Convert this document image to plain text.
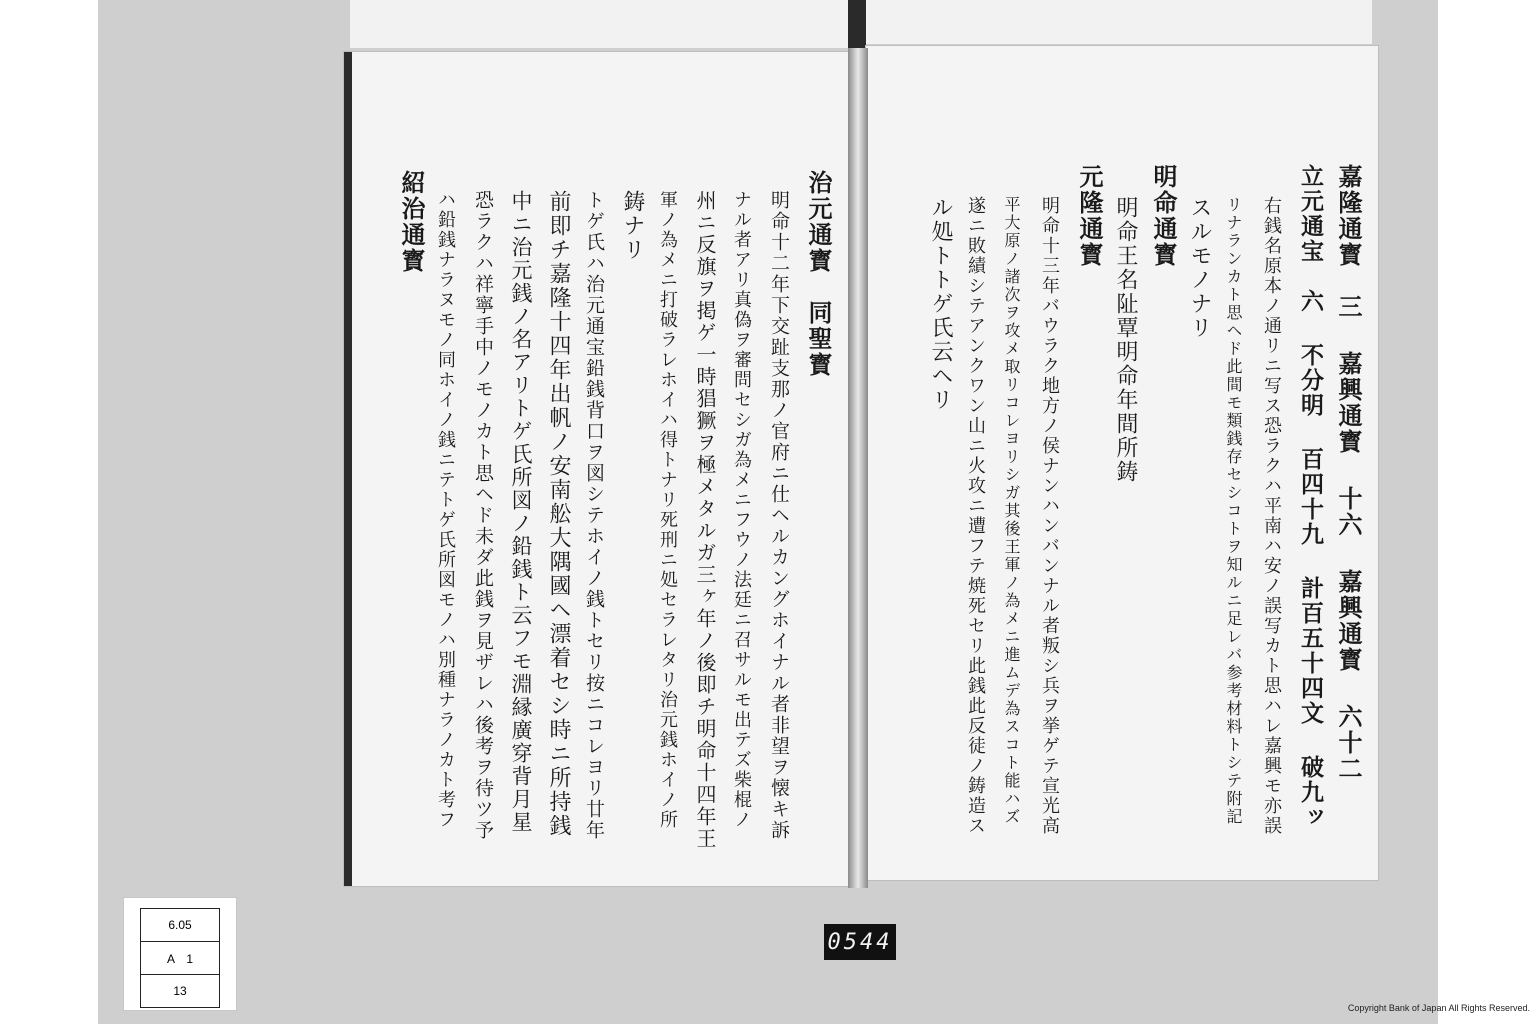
治元通寳　同聖寳
明命十二年下交趾支那ノ官府ニ仕ヘルカングホイナル者非望ヲ懐キ訴
ナル者アリ真偽ヲ審問セシガ為メニフウノ法廷ニ召サルモ出テズ柴棍ノ
州ニ反旗ヲ掲ゲ一時猖獗ヲ極メタルガ三ヶ年ノ後即チ明命十四年王
軍ノ為メニ打破ラレホイハ得トナリ死刑ニ処セラレタリ治元銭ホイノ所
鋳ナリ
トゲ氏ハ治元通宝鉛銭背口ヲ図シテホイノ銭トセリ按ニコレヨリ廿年
前即チ嘉隆十四年出帆ノ安南舩大隅國ヘ漂着セシ時ニ所持銭
中ニ治元銭ノ名アリトゲ氏所図ノ鉛銭ト云フモ淵縁廣穿背月星
恐ラクハ祥寧手中ノモノカト思ヘド未ダ此銭ヲ見ザレハ後考ヲ待ツ予
ハ鉛銭ナラヌモノ同ホイノ銭ニテトゲ氏所図モノハ別種ナラノカト考フ
紹治通寳	嘉隆通寳　三 嘉興通寳 十六 嘉興通寳 六十二
立元通宝　六 不分明 百四十九 計百五十四文 破九ッ
右銭名原本ノ通リニ写ス恐ラクハ平南ハ安ノ誤写カト思ハレ嘉興モ亦誤
リナランカト思ヘド此間モ類銭存セシコトヲ知ルニ足レバ参考材料トシテ附記
スルモノナリ
明命通寳
明命王名阯覃明命年間所鋳
元隆通寳
明命十三年バウラク地方ノ侯ナンハンバンナル者叛シ兵ヲ挙ゲテ宣光高
平大原ノ諸次ヲ攻メ取リコレヨリシガ其後王軍ノ為メニ進ムデ為スコト能ハズ
遂ニ敗績シテアンクワン山ニ火攻ニ遭フテ焼死セリ此銭此反徒ノ鋳造ス
ル処トトゲ氏云ヘリ
6.05
A　1
13
0544
Copyright Bank of Japan All Rights Reserved.
